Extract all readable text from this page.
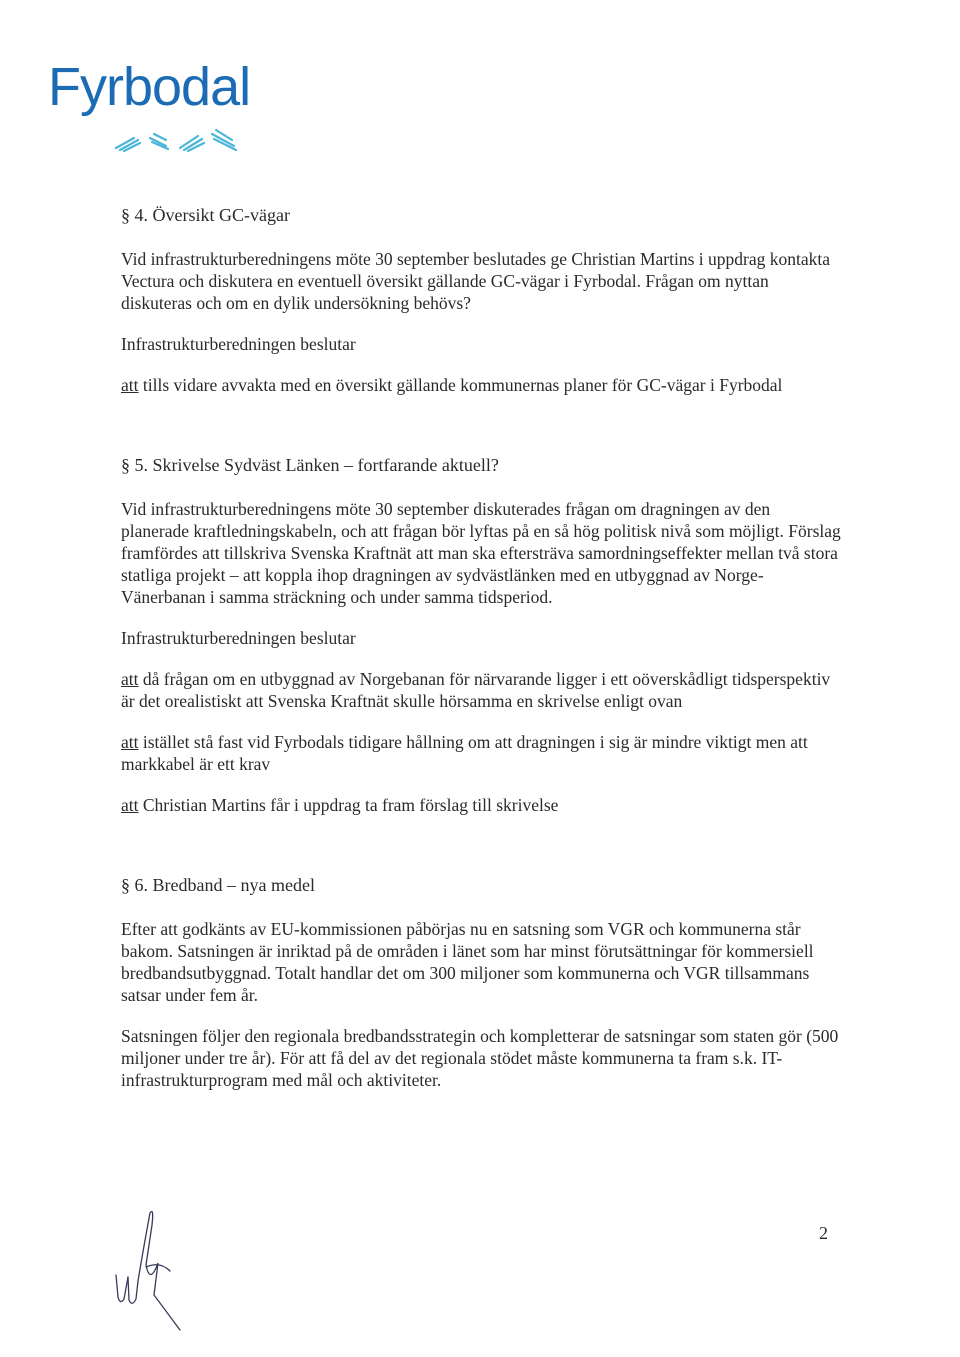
Fyrbodal
§ 4. Översikt GC-vägar

Vid infrastrukturberedningens möte 30 september beslutades ge Christian Martins i uppdrag kontakta Vectura och diskutera en eventuell översikt gällande GC-vägar i Fyrbodal. Frågan om nyttan diskuteras och om en dylik undersökning behövs?

Infrastrukturberedningen beslutar

att tills vidare avvakta med en översikt gällande kommunernas planer för GC-vägar i Fyrbodal

§ 5. Skrivelse Sydväst Länken – fortfarande aktuell?

Vid infrastrukturberedningens möte 30 september diskuterades frågan om dragningen av den planerade kraftledningskabeln, och att frågan bör lyftas på en så hög politisk nivå som möjligt. Förslag framfördes att tillskriva Svenska Kraftnät att man ska eftersträva samordningseffekter mellan två stora statliga projekt – att koppla ihop dragningen av sydvästlänken med en utbyggnad av Norge-Vänerbanan i samma sträckning och under samma tidsperiod.

Infrastrukturberedningen beslutar

att då frågan om en utbyggnad av Norgebanan för närvarande ligger i ett oöverskådligt tidsperspektiv är det orealistiskt att Svenska Kraftnät skulle hörsamma en skrivelse enligt ovan

att istället stå fast vid Fyrbodals tidigare hållning om att dragningen i sig är mindre viktigt men att markkabel är ett krav

att Christian Martins får i uppdrag ta fram förslag till skrivelse

§ 6. Bredband – nya medel

Efter att godkänts av EU-kommissionen påbörjas nu en satsning som VGR och kommunerna står bakom. Satsningen är inriktad på de områden i länet som har minst förutsättningar för kommersiell bredbandsutbyggnad. Totalt handlar det om 300 miljoner som kommunerna och VGR tillsammans satsar under fem år.

Satsningen följer den regionala bredbandsstrategin och kompletterar de satsningar som staten gör (500 miljoner under tre år). För att få del av det regionala stödet måste kommunerna ta fram s.k. IT-infrastrukturprogram med mål och aktiviteter.

2
